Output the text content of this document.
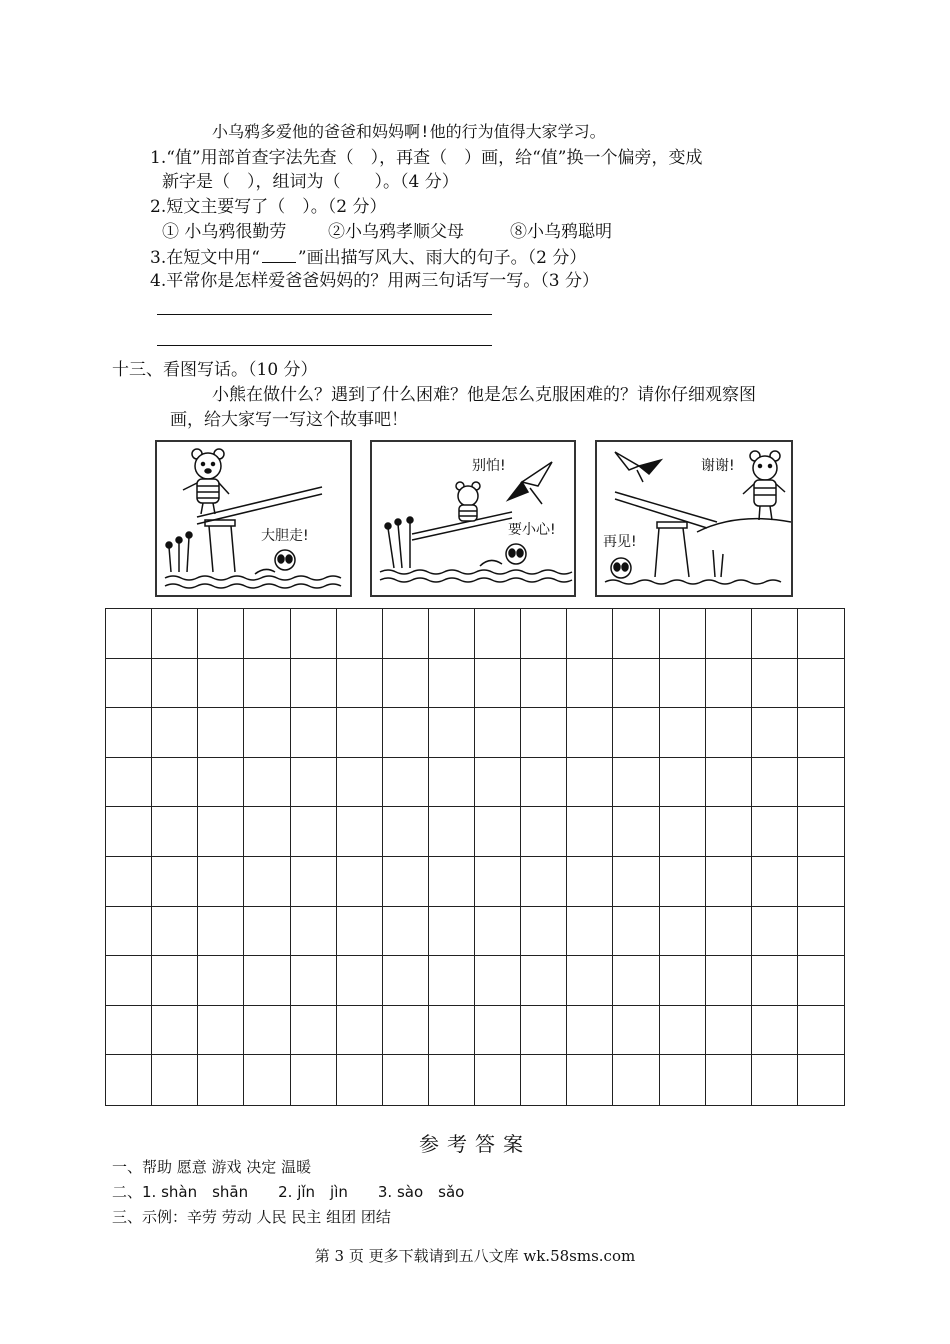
小乌鸦多爱他的爸爸和妈妈啊!他的行为值得大家学习。
1.“值”用部首查字法先查（　），再查（　）画，给“值”换一个偏旁，变成
新字是（　），组词为（　　）。（4 分）
2.短文主要写了（　）。（2 分）
① 小乌鸦很勤劳 ②小乌鸦孝顺父母	⑧小乌鸦聪明
3.在短文中用“ ”画出描写风大、雨大的句子。（2 分）
4.平常你是怎样爱爸爸妈妈的？用两三句话写一写。（3 分）
十三、看图写话。（10 分）
小熊在做什么？遇到了什么困难？他是怎么克服困难的？请你仔细观察图
画，给大家写一写这个故事吧！
大胆走!
别怕!
要小心!
谢谢!
再见!
参考答案
一、帮助 愿意 游戏 决定 温暖
二、1. shàn　shān　　2. jǐn　jìn　　3. sào　sǎo
三、示例：辛劳 劳动 人民 民主 组团 团结
第 3 页 更多下载请到五八文库 wk.58sms.com
